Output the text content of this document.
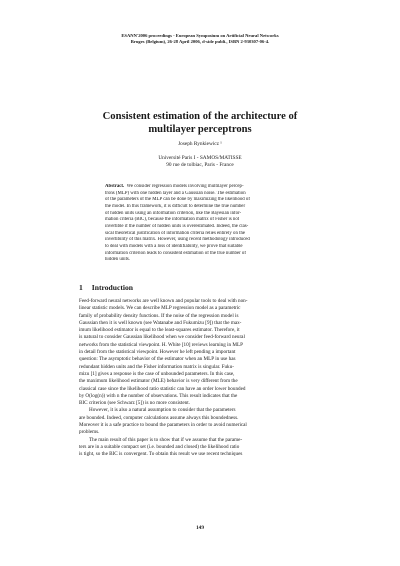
ESANN'2006 proceedings - European Symposium on Artificial Neural Networks
Bruges (Belgium), 26-28 April 2006, d-side publi., ISBN 2-930307-06-4.
Consistent estimation of the architecture of
multilayer perceptrons
Joseph Rynkiewicz ¹
Université Paris I - SAMOS/MATISSE
90 rue de tolbiac, Paris - France
Abstract. We consider regression models involving multilayer percep-
trons (MLP) with one hidden layer and a Gaussian noise. The estimation
of the parameters of the MLP can be done by maximizing the likelihood of
the model. In this framework, it is difficult to determine the true number
of hidden units using an information criterion, like the Bayesian infor-
mation criteria (BIC), because the information matrix of Fisher is not
invertible if the number of hidden units is overestimated. Indeed, the clas-
sical theoretical justification of information criteria relies entirely on the
invertibility of this matrix. However, using recent methodology introduced
to deal with models with a loss of identifiability, we prove that suitable
information criterion leads to consistent estimation of the true number of
hidden units.
1 Introduction
Feed-forward neural networks are well known and popular tools to deal with non-
linear statistic models. We can describe MLP regression model as a parametric
family of probability density functions. If the noise of the regression model is
Gaussian then it is well known (see Watanabe and Fukumizu [9]) that the max-
imum likelihood estimator is equal to the least-squares estimator. Therefore, it
is natural to consider Gaussian likelihood when we consider feed-forward neural
networks from the statistical viewpoint. H. White [10] reviews learning in MLP
in detail from the statistical viewpoint. However he left pending a important
question: The asymptotic behavior of the estimator when an MLP in use has
redundant hidden units and the Fisher information matrix is singular. Fuku-
mizu [1] gives a response is the case of unbounded parameters. In this case,
the maximum likelihood estimator (MLE) behavior is very different from the
classical case since the likelihood ratio statistic can have an order lower bounded
by O(log(n)) with n the number of observations. This result indicates that the
BIC criterion (see Schwarz [5]) is no more consistent.
However, it is also a natural assumption to consider that the parameters
are bounded. Indeed, computer calculations assume always this boundedness.
Moreover it is a safe practice to bound the parameters in order to avoid numerical
problems.
The main result of this paper is to show that if we assume that the parame-
ters are in a suitable compact set (i.e. bounded and closed) the likelihood ratio
is tight, so the BIC is convergent. To obtain this result we use recent techniques
149
